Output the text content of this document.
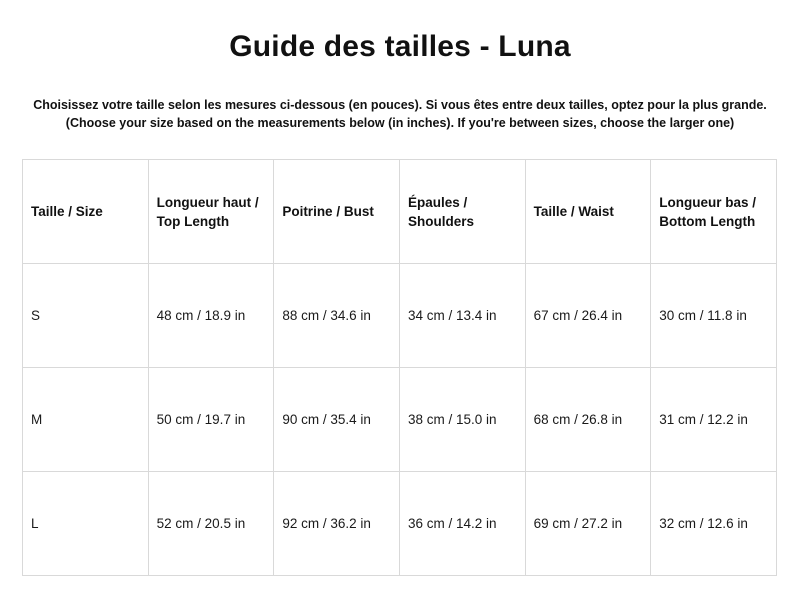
Guide des tailles - Luna
Choisissez votre taille selon les mesures ci-dessous (en pouces). Si vous êtes entre deux tailles, optez pour la plus grande.
(Choose your size based on the measurements below (in inches). If you're between sizes, choose the larger one)
Taille / Size	Longueur haut / Top Length	Poitrine / Bust	Épaules / Shoulders	Taille / Waist	Longueur bas / Bottom Length
S	48 cm / 18.9 in	88 cm / 34.6 in	34 cm / 13.4 in	67 cm / 26.4 in	30 cm / 11.8 in
M	50 cm / 19.7 in	90 cm / 35.4 in	38 cm / 15.0 in	68 cm / 26.8 in	31 cm / 12.2 in
L	52 cm / 20.5 in	92 cm / 36.2 in	36 cm / 14.2 in	69 cm / 27.2 in	32 cm / 12.6 in
